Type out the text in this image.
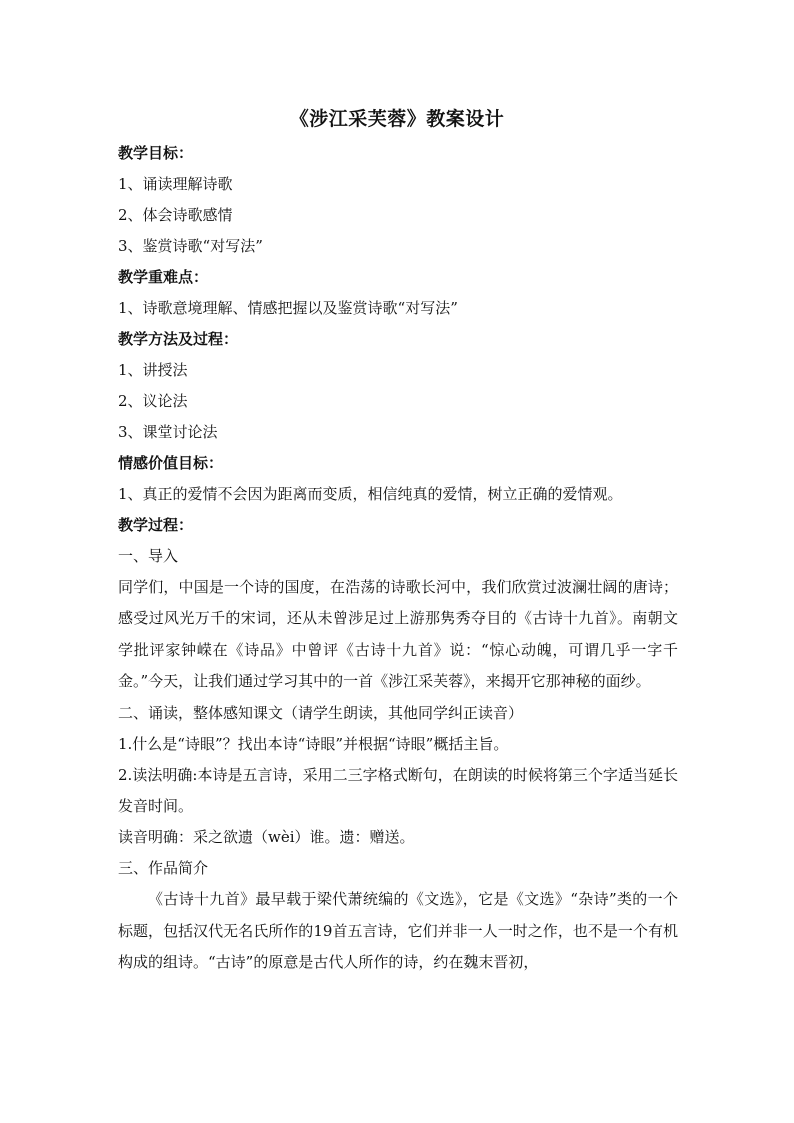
《涉江采芙蓉》教案设计
教学目标：
1、诵读理解诗歌
2、体会诗歌感情
3、鉴赏诗歌“对写法”
教学重难点：
1、诗歌意境理解、情感把握以及鉴赏诗歌“对写法”
教学方法及过程：
1、讲授法
2、议论法
3、课堂讨论法
情感价值目标：
1、真正的爱情不会因为距离而变质，相信纯真的爱情，树立正确的爱情观。
教学过程：
一、导入

同学们，中国是一个诗的国度，在浩荡的诗歌长河中，我们欣赏过波澜壮阔的唐诗；感受过风光万千的宋词，还从未曾涉足过上游那隽秀夺目的《古诗十九首》。南朝文学批评家钟嵘在《诗品》中曾评《古诗十九首》说：“惊心动魄，可谓几乎一字千金。”今天，让我们通过学习其中的一首《涉江采芙蓉》，来揭开它那神秘的面纱。

二、诵读，整体感知课文（请学生朗读，其他同学纠正读音）
1.什么是“诗眼”？找出本诗“诗眼”并根据“诗眼”概括主旨。

2.读法明确:本诗是五言诗，采用二三字格式断句，在朗读的时候将第三个字适当延长发音时间。

读音明确：采之欲遗（wèi）谁。遗：赠送。
三、作品简介

《古诗十九首》最早载于梁代萧统编的《文选》，它是《文选》“杂诗”类的一个标题，包括汉代无名氏所作的19首五言诗，它们并非一人一时之作，也不是一个有机构成的组诗。“古诗”的原意是古代人所作的诗，约在魏末晋初，
